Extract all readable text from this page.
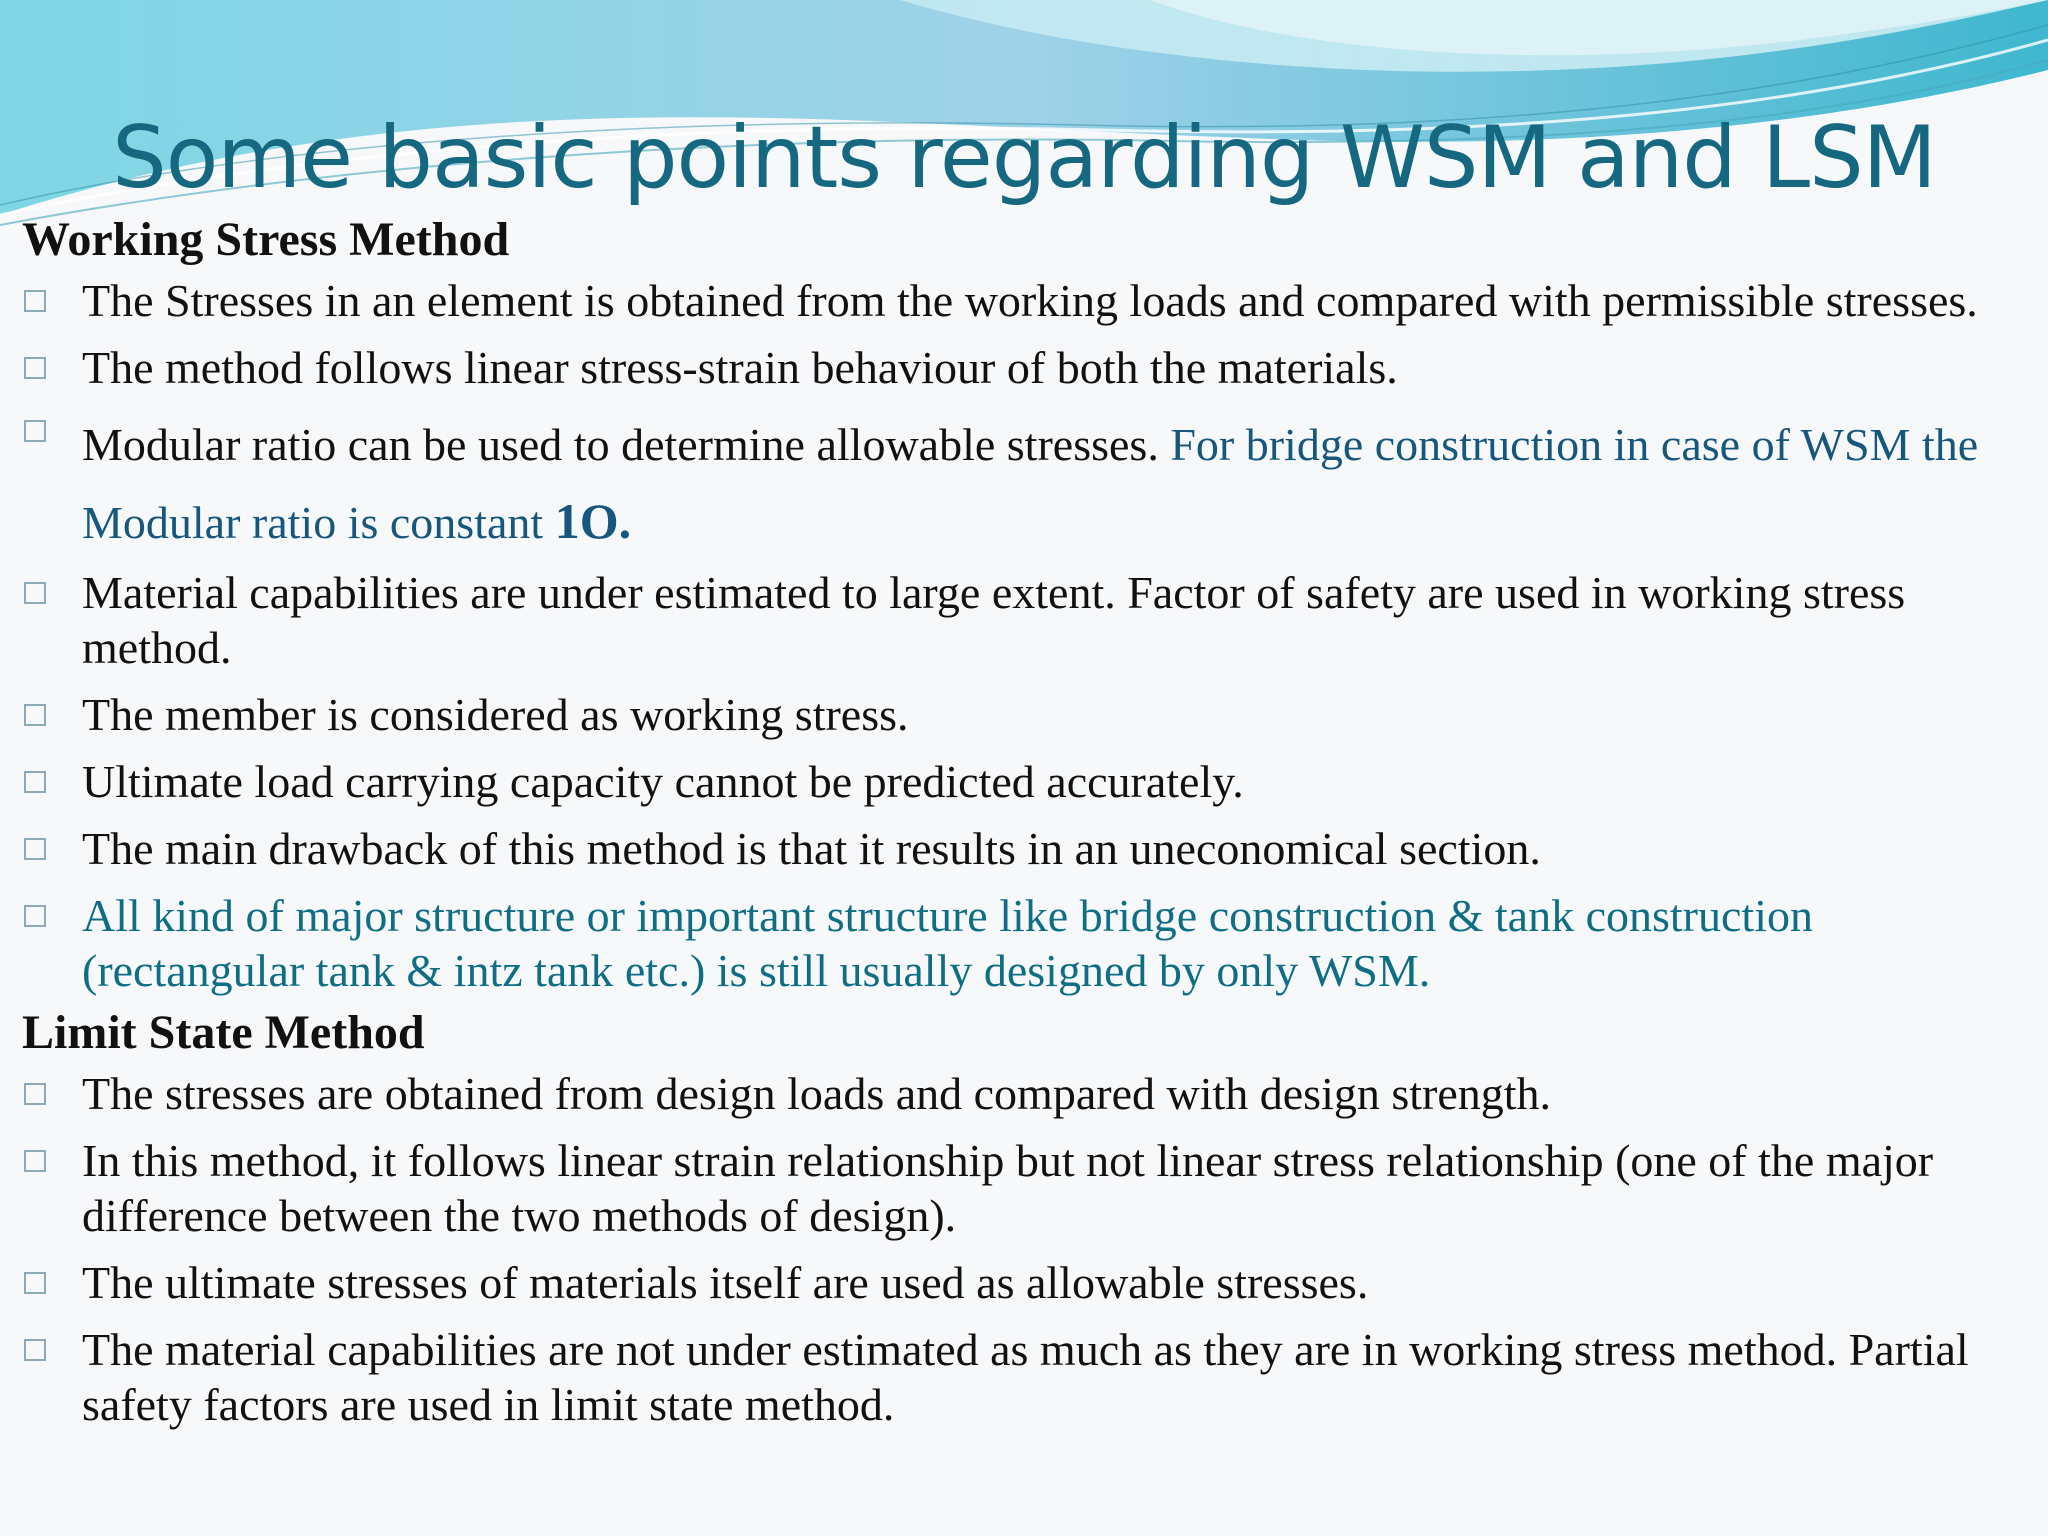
Some basic points regarding WSM and LSM

Working Stress Method

The Stresses in an element is obtained from the working loads and compared with permissible stresses.
The method follows linear stress-strain behaviour of both the materials.
Modular ratio can be used to determine allowable stresses. For bridge construction in case of WSM the Modular ratio is constant 1O.
Material capabilities are under estimated to large extent. Factor of safety are used in working stress method.
The member is considered as working stress.
Ultimate load carrying capacity cannot be predicted accurately.
The main drawback of this method is that it results in an uneconomical section.
All kind of major structure or important structure like bridge construction & tank construction (rectangular tank & intz tank etc.) is still usually designed by only WSM.

Limit State Method

The stresses are obtained from design loads and compared with design strength.
In this method, it follows linear strain relationship but not linear stress relationship (one of the major difference between the two methods of design).
The ultimate stresses of materials itself are used as allowable stresses.
The material capabilities are not under estimated as much as they are in working stress method. Partial safety factors are used in limit state method.
